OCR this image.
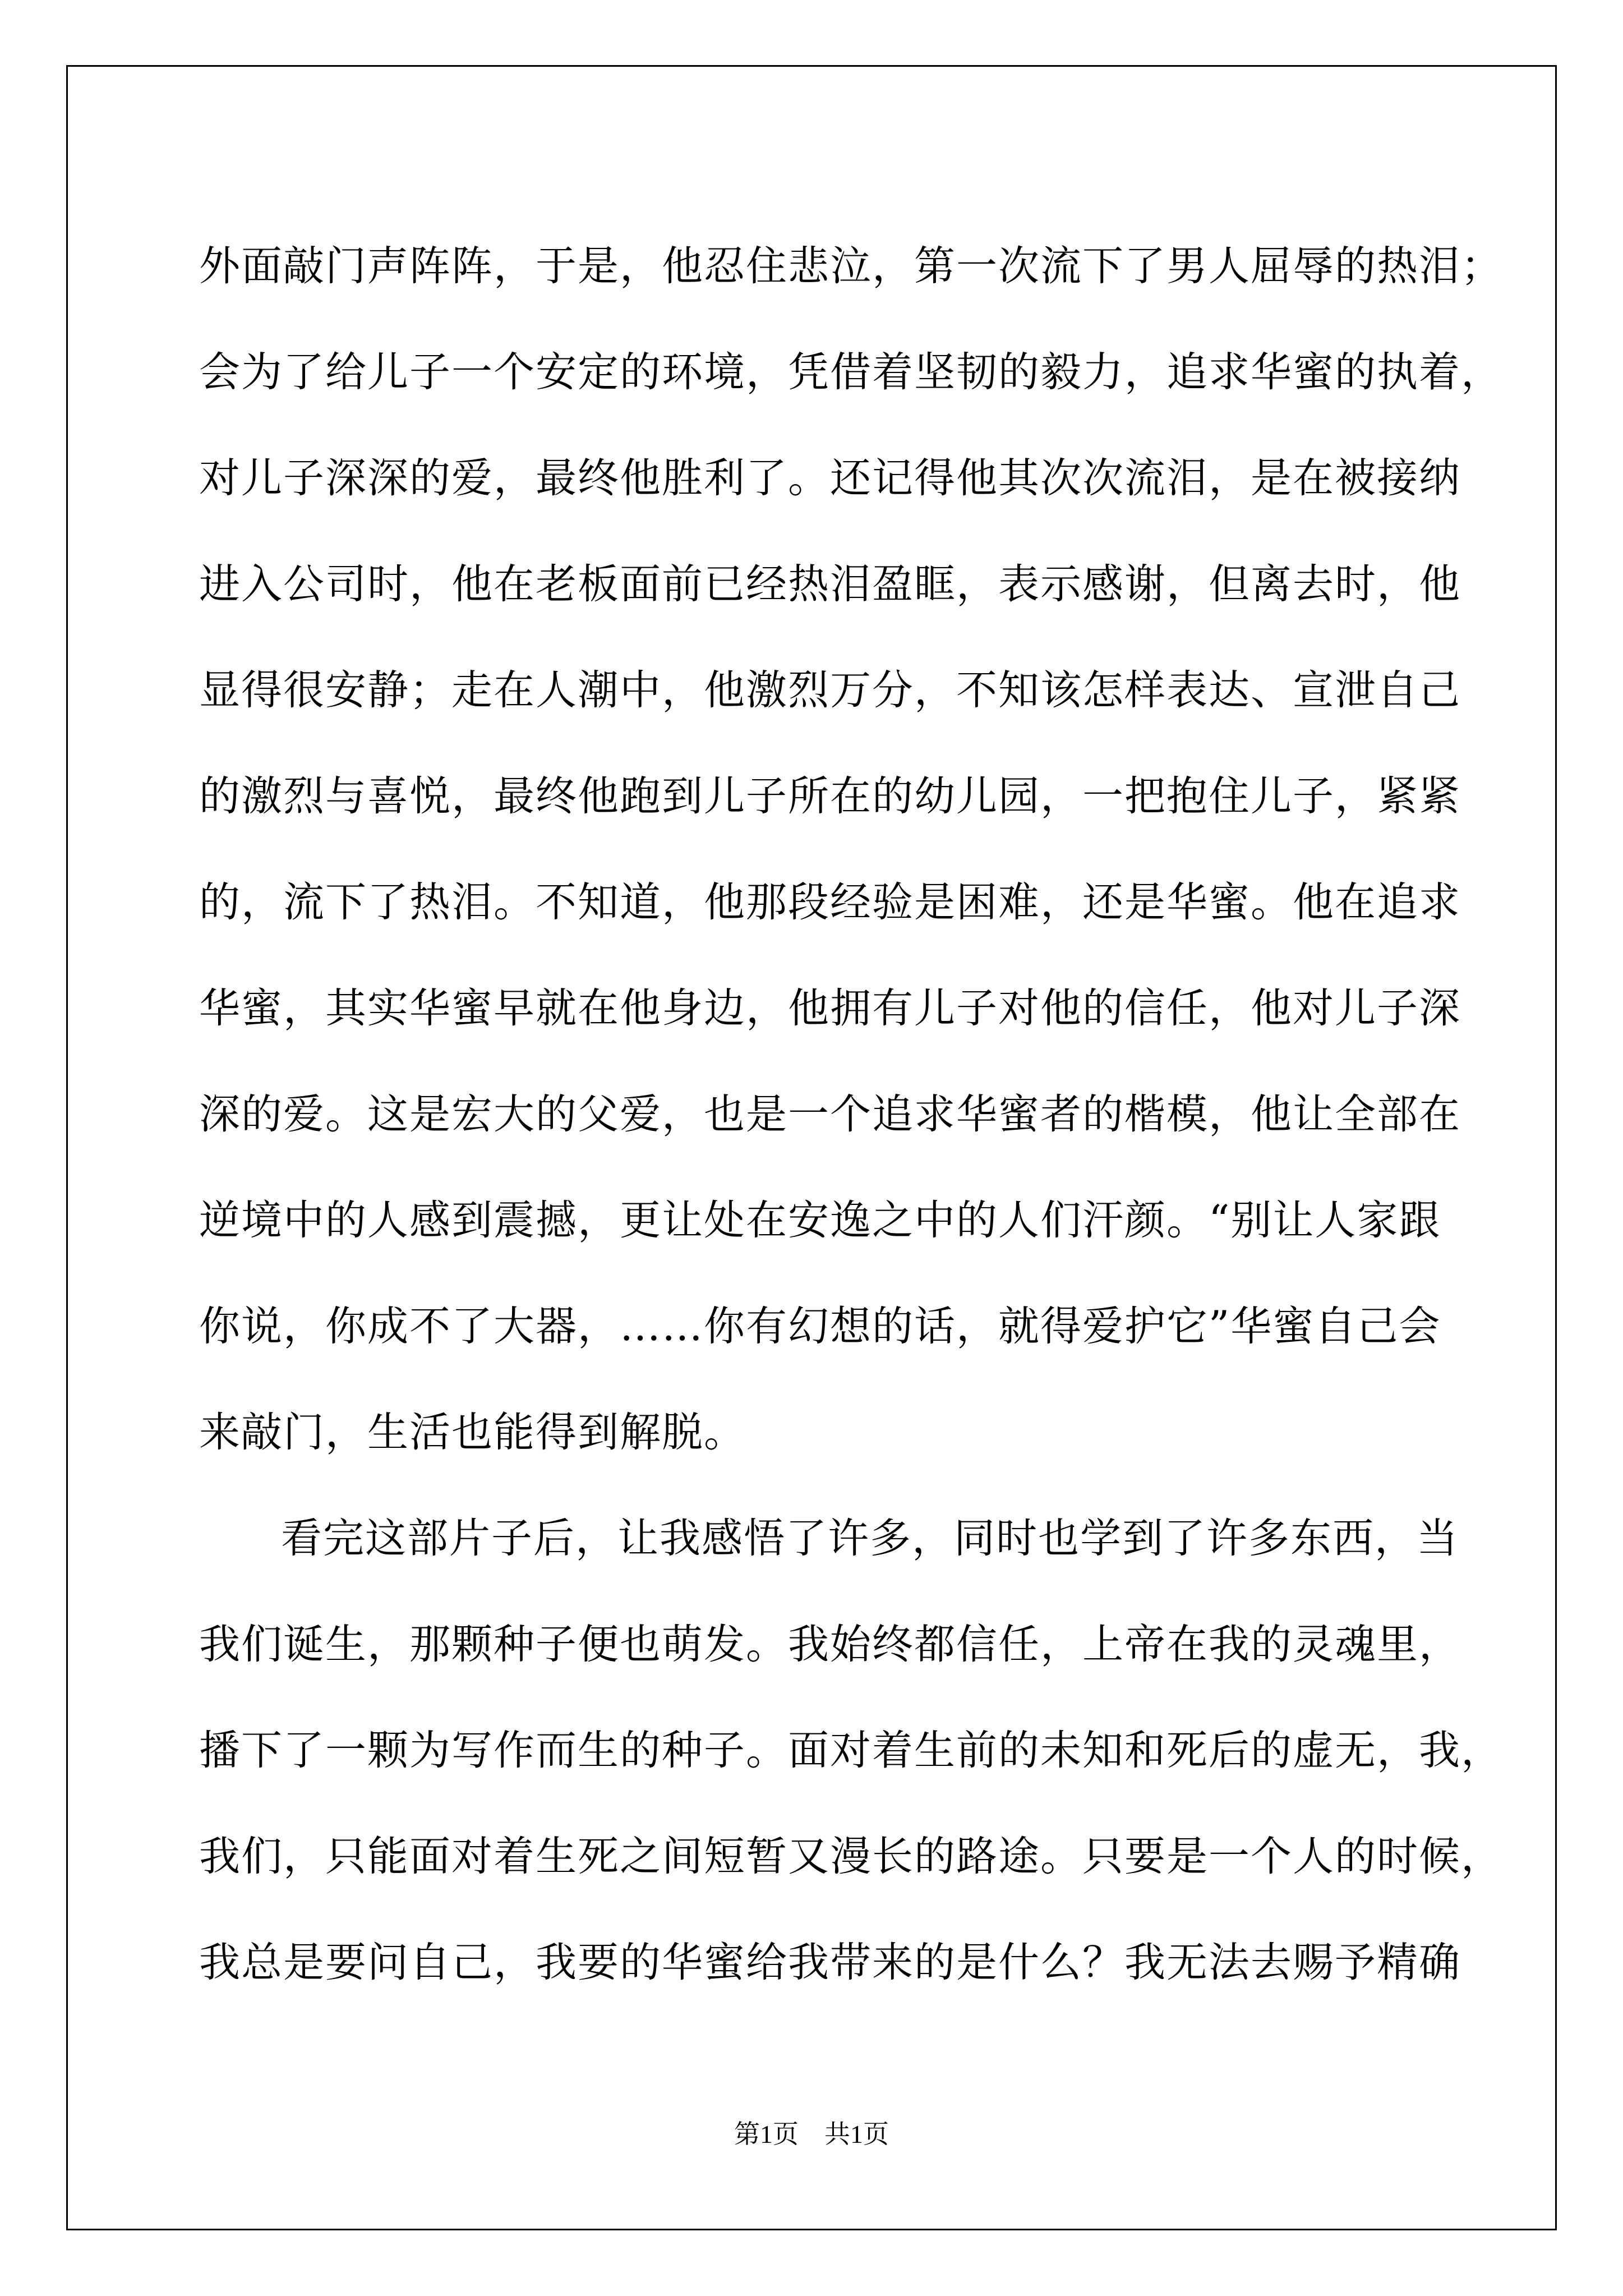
外面敲门声阵阵，于是，他忍住悲泣，第一次流下了男人屈辱的热泪；
会为了给儿子一个安定的环境，凭借着坚韧的毅力，追求华蜜的执着，
对儿子深深的爱，最终他胜利了。还记得他其次次流泪，是在被接纳
进入公司时，他在老板面前已经热泪盈眶，表示感谢，但离去时，他
显得很安静；走在人潮中，他激烈万分，不知该怎样表达、宣泄自己
的激烈与喜悦，最终他跑到儿子所在的幼儿园，一把抱住儿子，紧紧
的，流下了热泪。不知道，他那段经验是困难，还是华蜜。他在追求
华蜜，其实华蜜早就在他身边，他拥有儿子对他的信任，他对儿子深
深的爱。这是宏大的父爱，也是一个追求华蜜者的楷模，他让全部在
逆境中的人感到震撼，更让处在安逸之中的人们汗颜。“别让人家跟
你说，你成不了大器，……你有幻想的话，就得爱护它”华蜜自己会
来敲门，生活也能得到解脱。
看完这部片子后，让我感悟了许多，同时也学到了许多东西，当
我们诞生，那颗种子便也萌发。我始终都信任，上帝在我的灵魂里，
播下了一颗为写作而生的种子。面对着生前的未知和死后的虚无，我，
我们，只能面对着生死之间短暂又漫长的路途。只要是一个人的时候，
我总是要问自己，我要的华蜜给我带来的是什么？我无法去赐予精确
第1页　共1页
